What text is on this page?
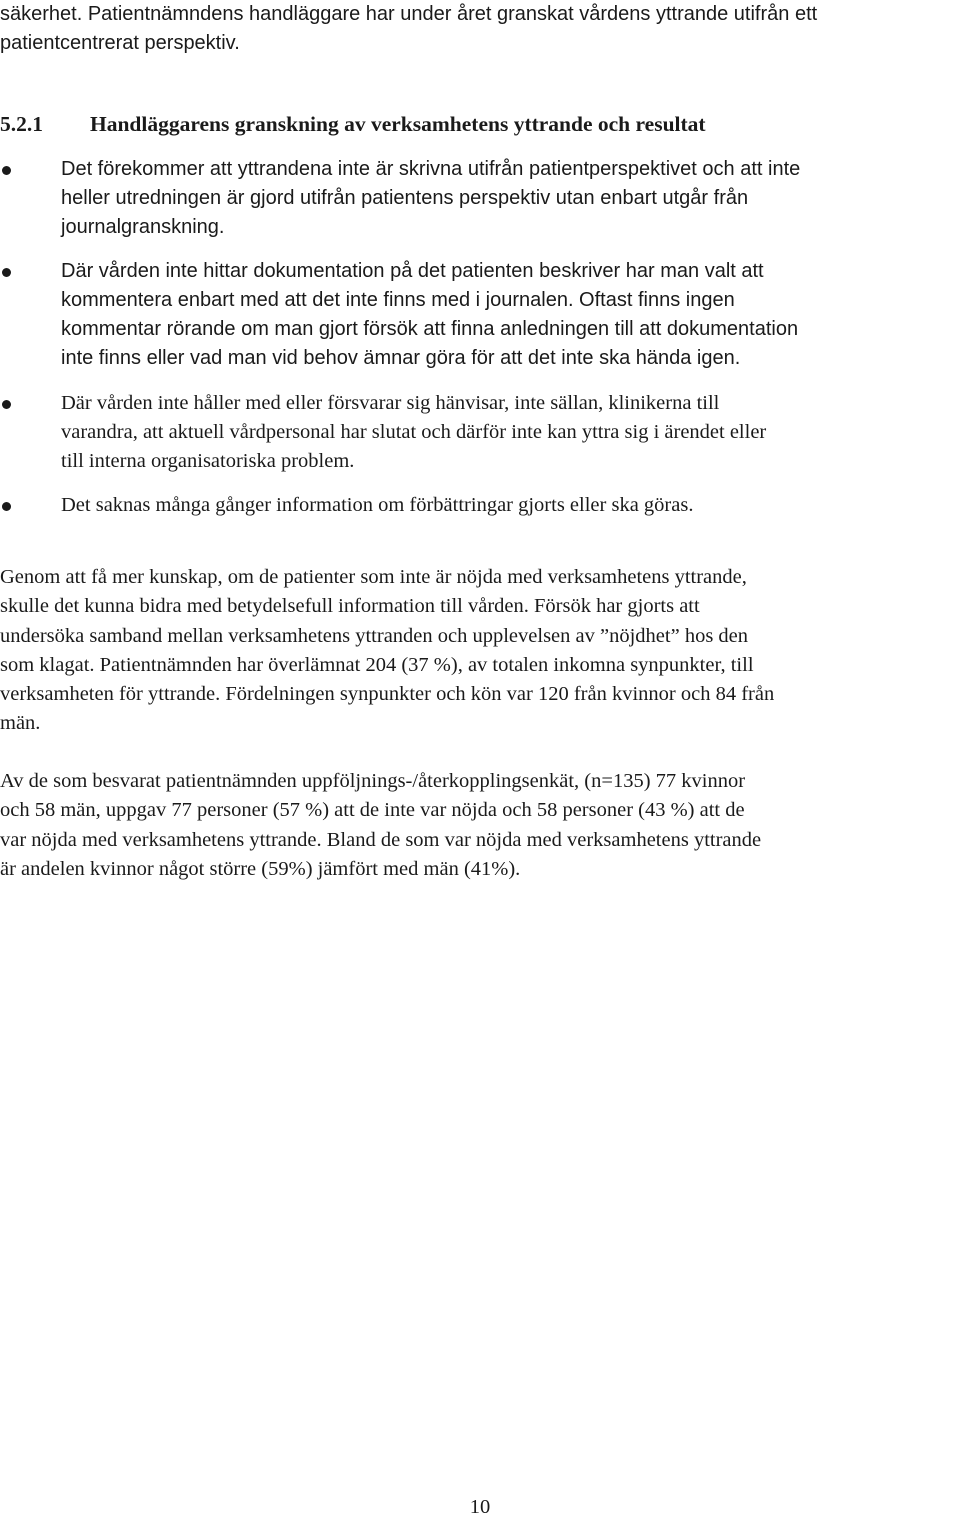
säkerhet. Patientnämndens handläggare har under året granskat vårdens yttrande utifrån ett
patientcentrerat perspektiv.
5.2.1 Handläggarens granskning av verksamhetens yttrande och resultat
Det förekommer att yttrandena inte är skrivna utifrån patientperspektivet och att inte
heller utredningen är gjord utifrån patientens perspektiv utan enbart utgår från
journalgranskning.
Där vården inte hittar dokumentation på det patienten beskriver har man valt att
kommentera enbart med att det inte finns med i journalen. Oftast finns ingen
kommentar rörande om man gjort försök att finna anledningen till att dokumentation
inte finns eller vad man vid behov ämnar göra för att det inte ska hända igen.
Där vården inte håller med eller försvarar sig hänvisar, inte sällan, klinikerna till
varandra, att aktuell vårdpersonal har slutat och därför inte kan yttra sig i ärendet eller
till interna organisatoriska problem.
Det saknas många gånger information om förbättringar gjorts eller ska göras.
Genom att få mer kunskap, om de patienter som inte är nöjda med verksamhetens yttrande,
skulle det kunna bidra med betydelsefull information till vården. Försök har gjorts att
undersöka samband mellan verksamhetens yttranden och upplevelsen av ”nöjdhet” hos den
som klagat. Patientnämnden har överlämnat 204 (37 %), av totalen inkomna synpunkter, till
verksamheten för yttrande. Fördelningen synpunkter och kön var 120 från kvinnor och 84 från
män.
Av de som besvarat patientnämnden uppföljnings-/återkopplingsenkät, (n=135) 77 kvinnor
och 58 män, uppgav 77 personer (57 %) att de inte var nöjda och 58 personer (43 %) att de
var nöjda med verksamhetens yttrande. Bland de som var nöjda med verksamhetens yttrande
är andelen kvinnor något större (59%) jämfört med män (41%).
10
